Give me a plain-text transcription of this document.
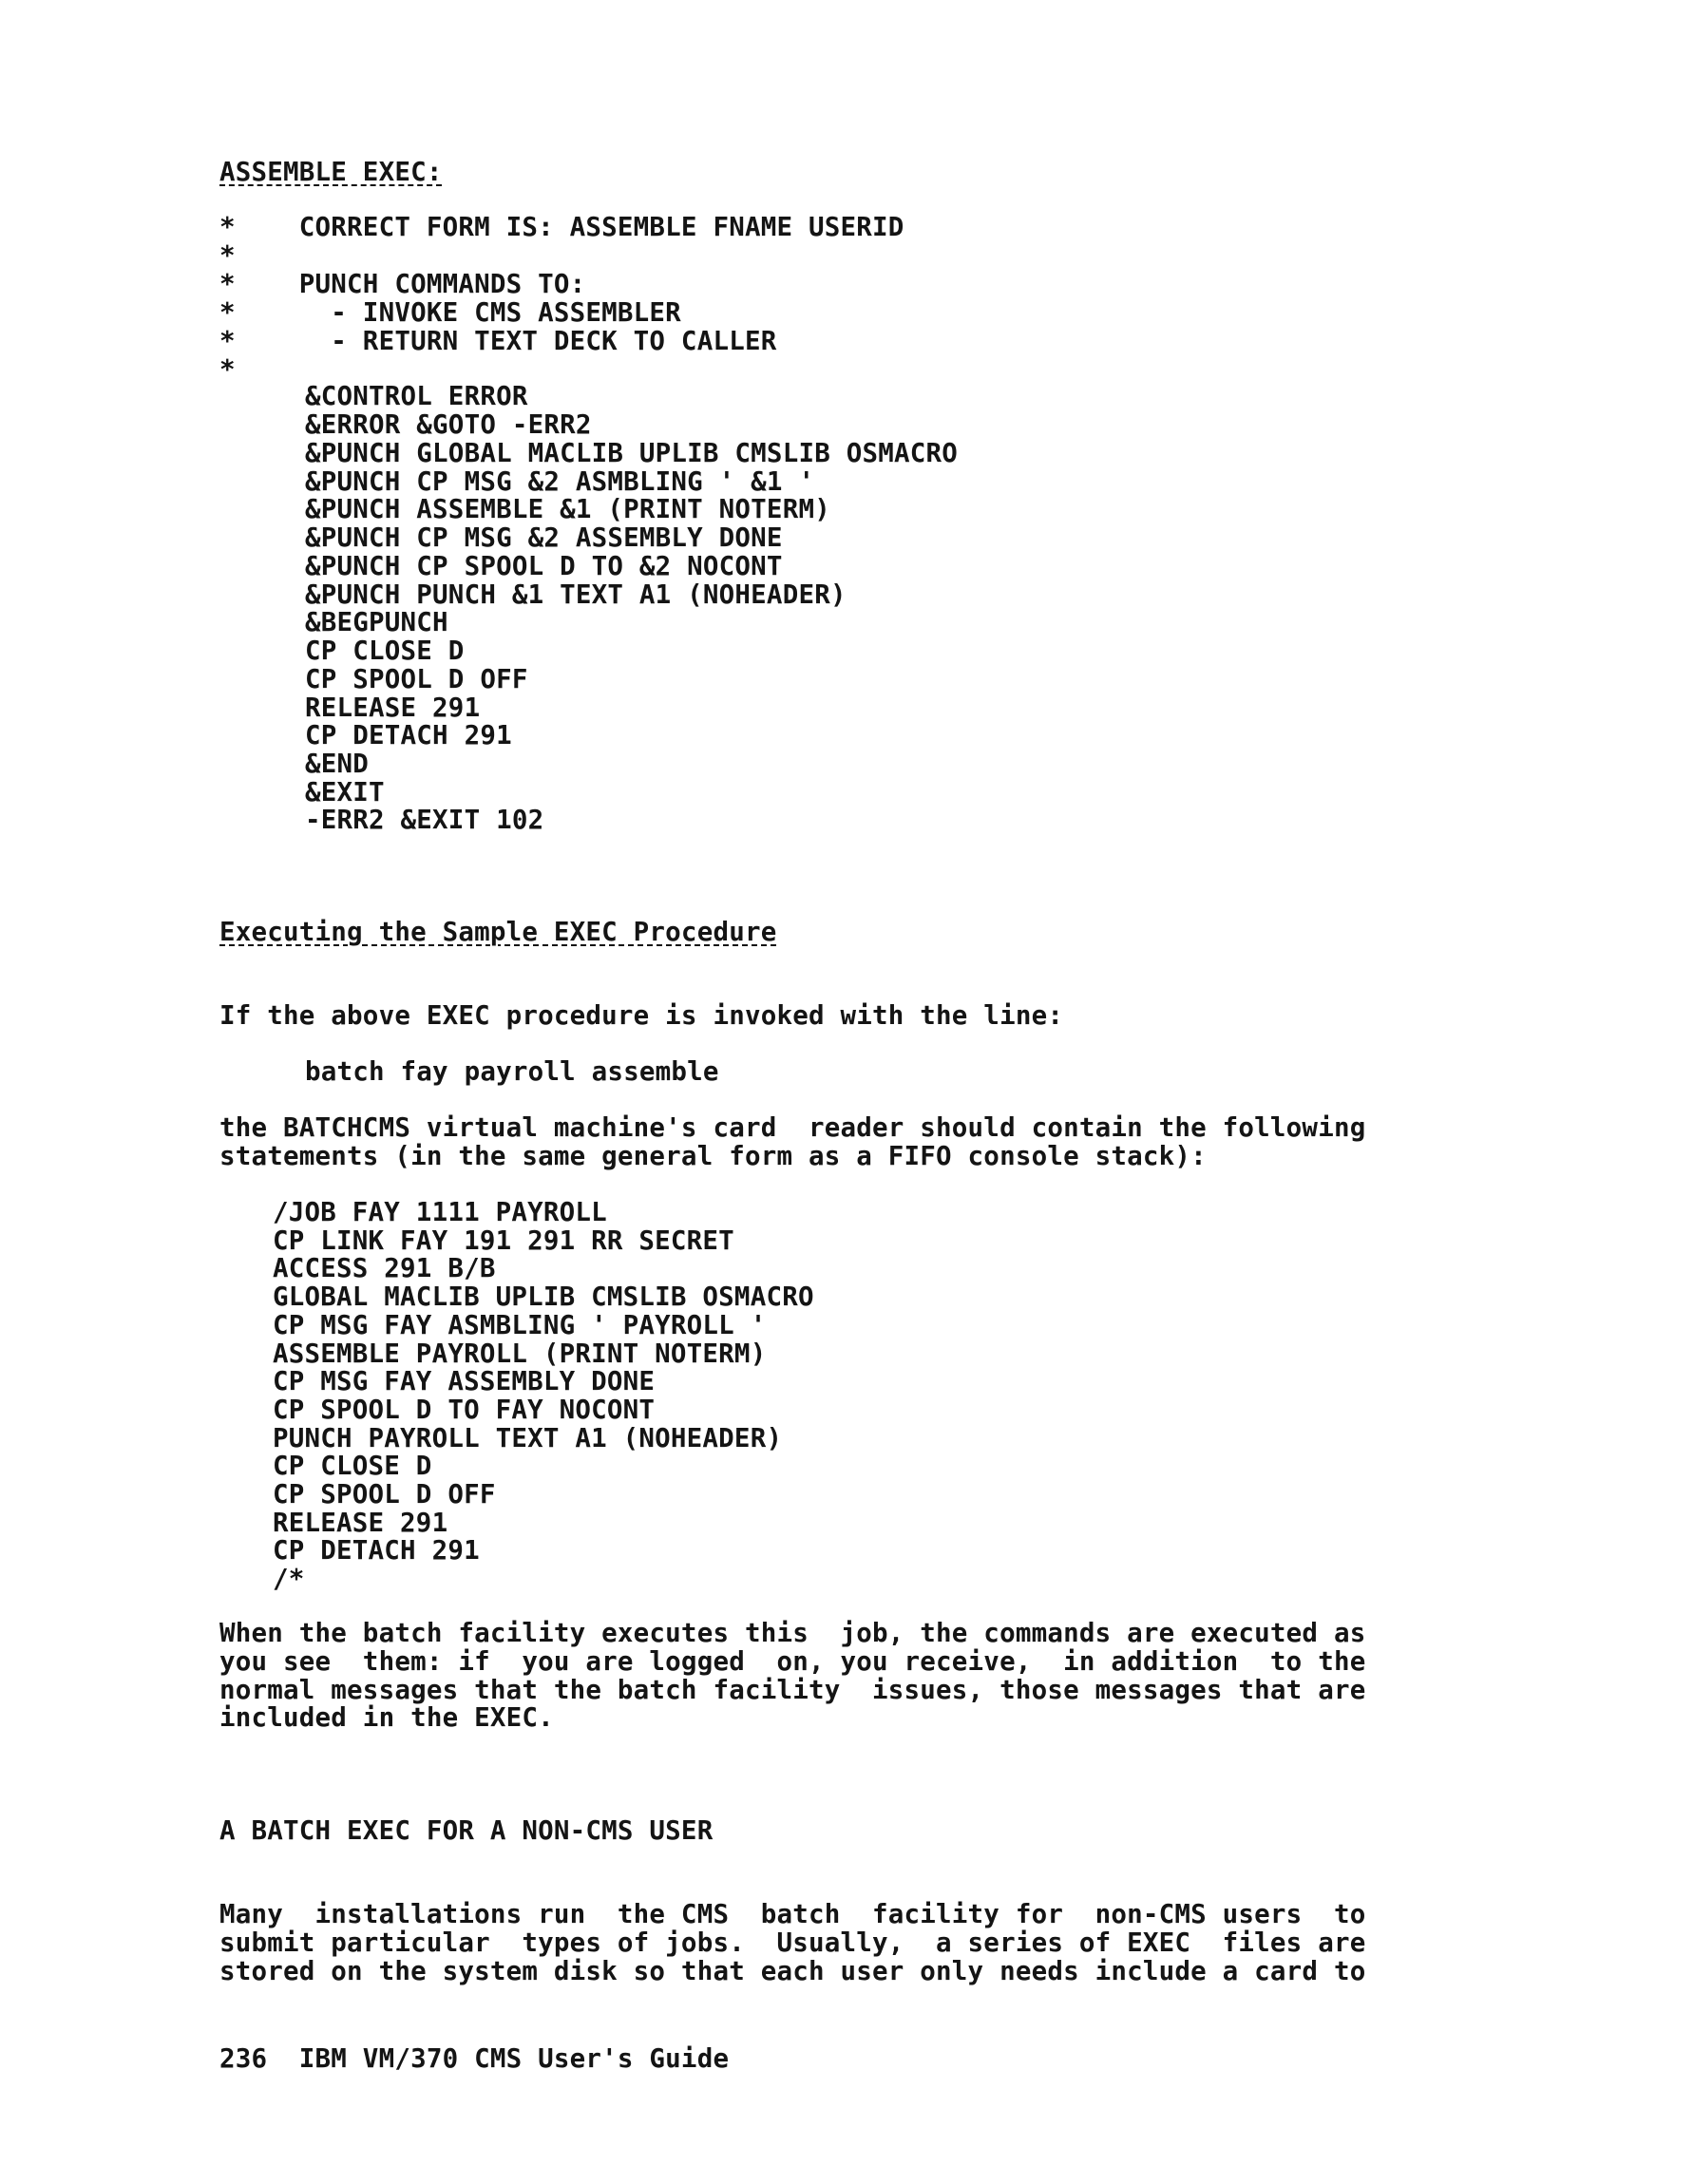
ASSEMBLE EXEC:
*    CORRECT FORM IS: ASSEMBLE FNAME USERID
*
*    PUNCH COMMANDS TO:
*      - INVOKE CMS ASSEMBLER
*      - RETURN TEXT DECK TO CALLER
*
&CONTROL ERROR
&ERROR &GOTO -ERR2
&PUNCH GLOBAL MACLIB UPLIB CMSLIB OSMACRO
&PUNCH CP MSG &2 ASMBLING ' &1 '
&PUNCH ASSEMBLE &1 (PRINT NOTERM)
&PUNCH CP MSG &2 ASSEMBLY DONE
&PUNCH CP SPOOL D TO &2 NOCONT
&PUNCH PUNCH &1 TEXT A1 (NOHEADER)
&BEGPUNCH
CP CLOSE D
CP SPOOL D OFF
RELEASE 291
CP DETACH 291
&END
&EXIT
-ERR2 &EXIT 102
Executing the Sample EXEC Procedure
If the above EXEC procedure is invoked with the line:
batch fay payroll assemble
the BATCHCMS virtual machine's card  reader should contain the following
statements (in the same general form as a FIFO console stack):
/JOB FAY 1111 PAYROLL
CP LINK FAY 191 291 RR SECRET
ACCESS 291 B/B
GLOBAL MACLIB UPLIB CMSLIB OSMACRO
CP MSG FAY ASMBLING ' PAYROLL '
ASSEMBLE PAYROLL (PRINT NOTERM)
CP MSG FAY ASSEMBLY DONE
CP SPOOL D TO FAY NOCONT
PUNCH PAYROLL TEXT A1 (NOHEADER)
CP CLOSE D
CP SPOOL D OFF
RELEASE 291
CP DETACH 291
/*
When the batch facility executes this  job, the commands are executed as
you see  them: if  you are logged  on, you receive,  in addition  to the
normal messages that the batch facility  issues, those messages that are
included in the EXEC.
A BATCH EXEC FOR A NON-CMS USER
Many  installations run  the CMS  batch  facility for  non-CMS users  to
submit particular  types of jobs.  Usually,  a series of EXEC  files are
stored on the system disk so that each user only needs include a card to
236  IBM VM/370 CMS User's Guide
